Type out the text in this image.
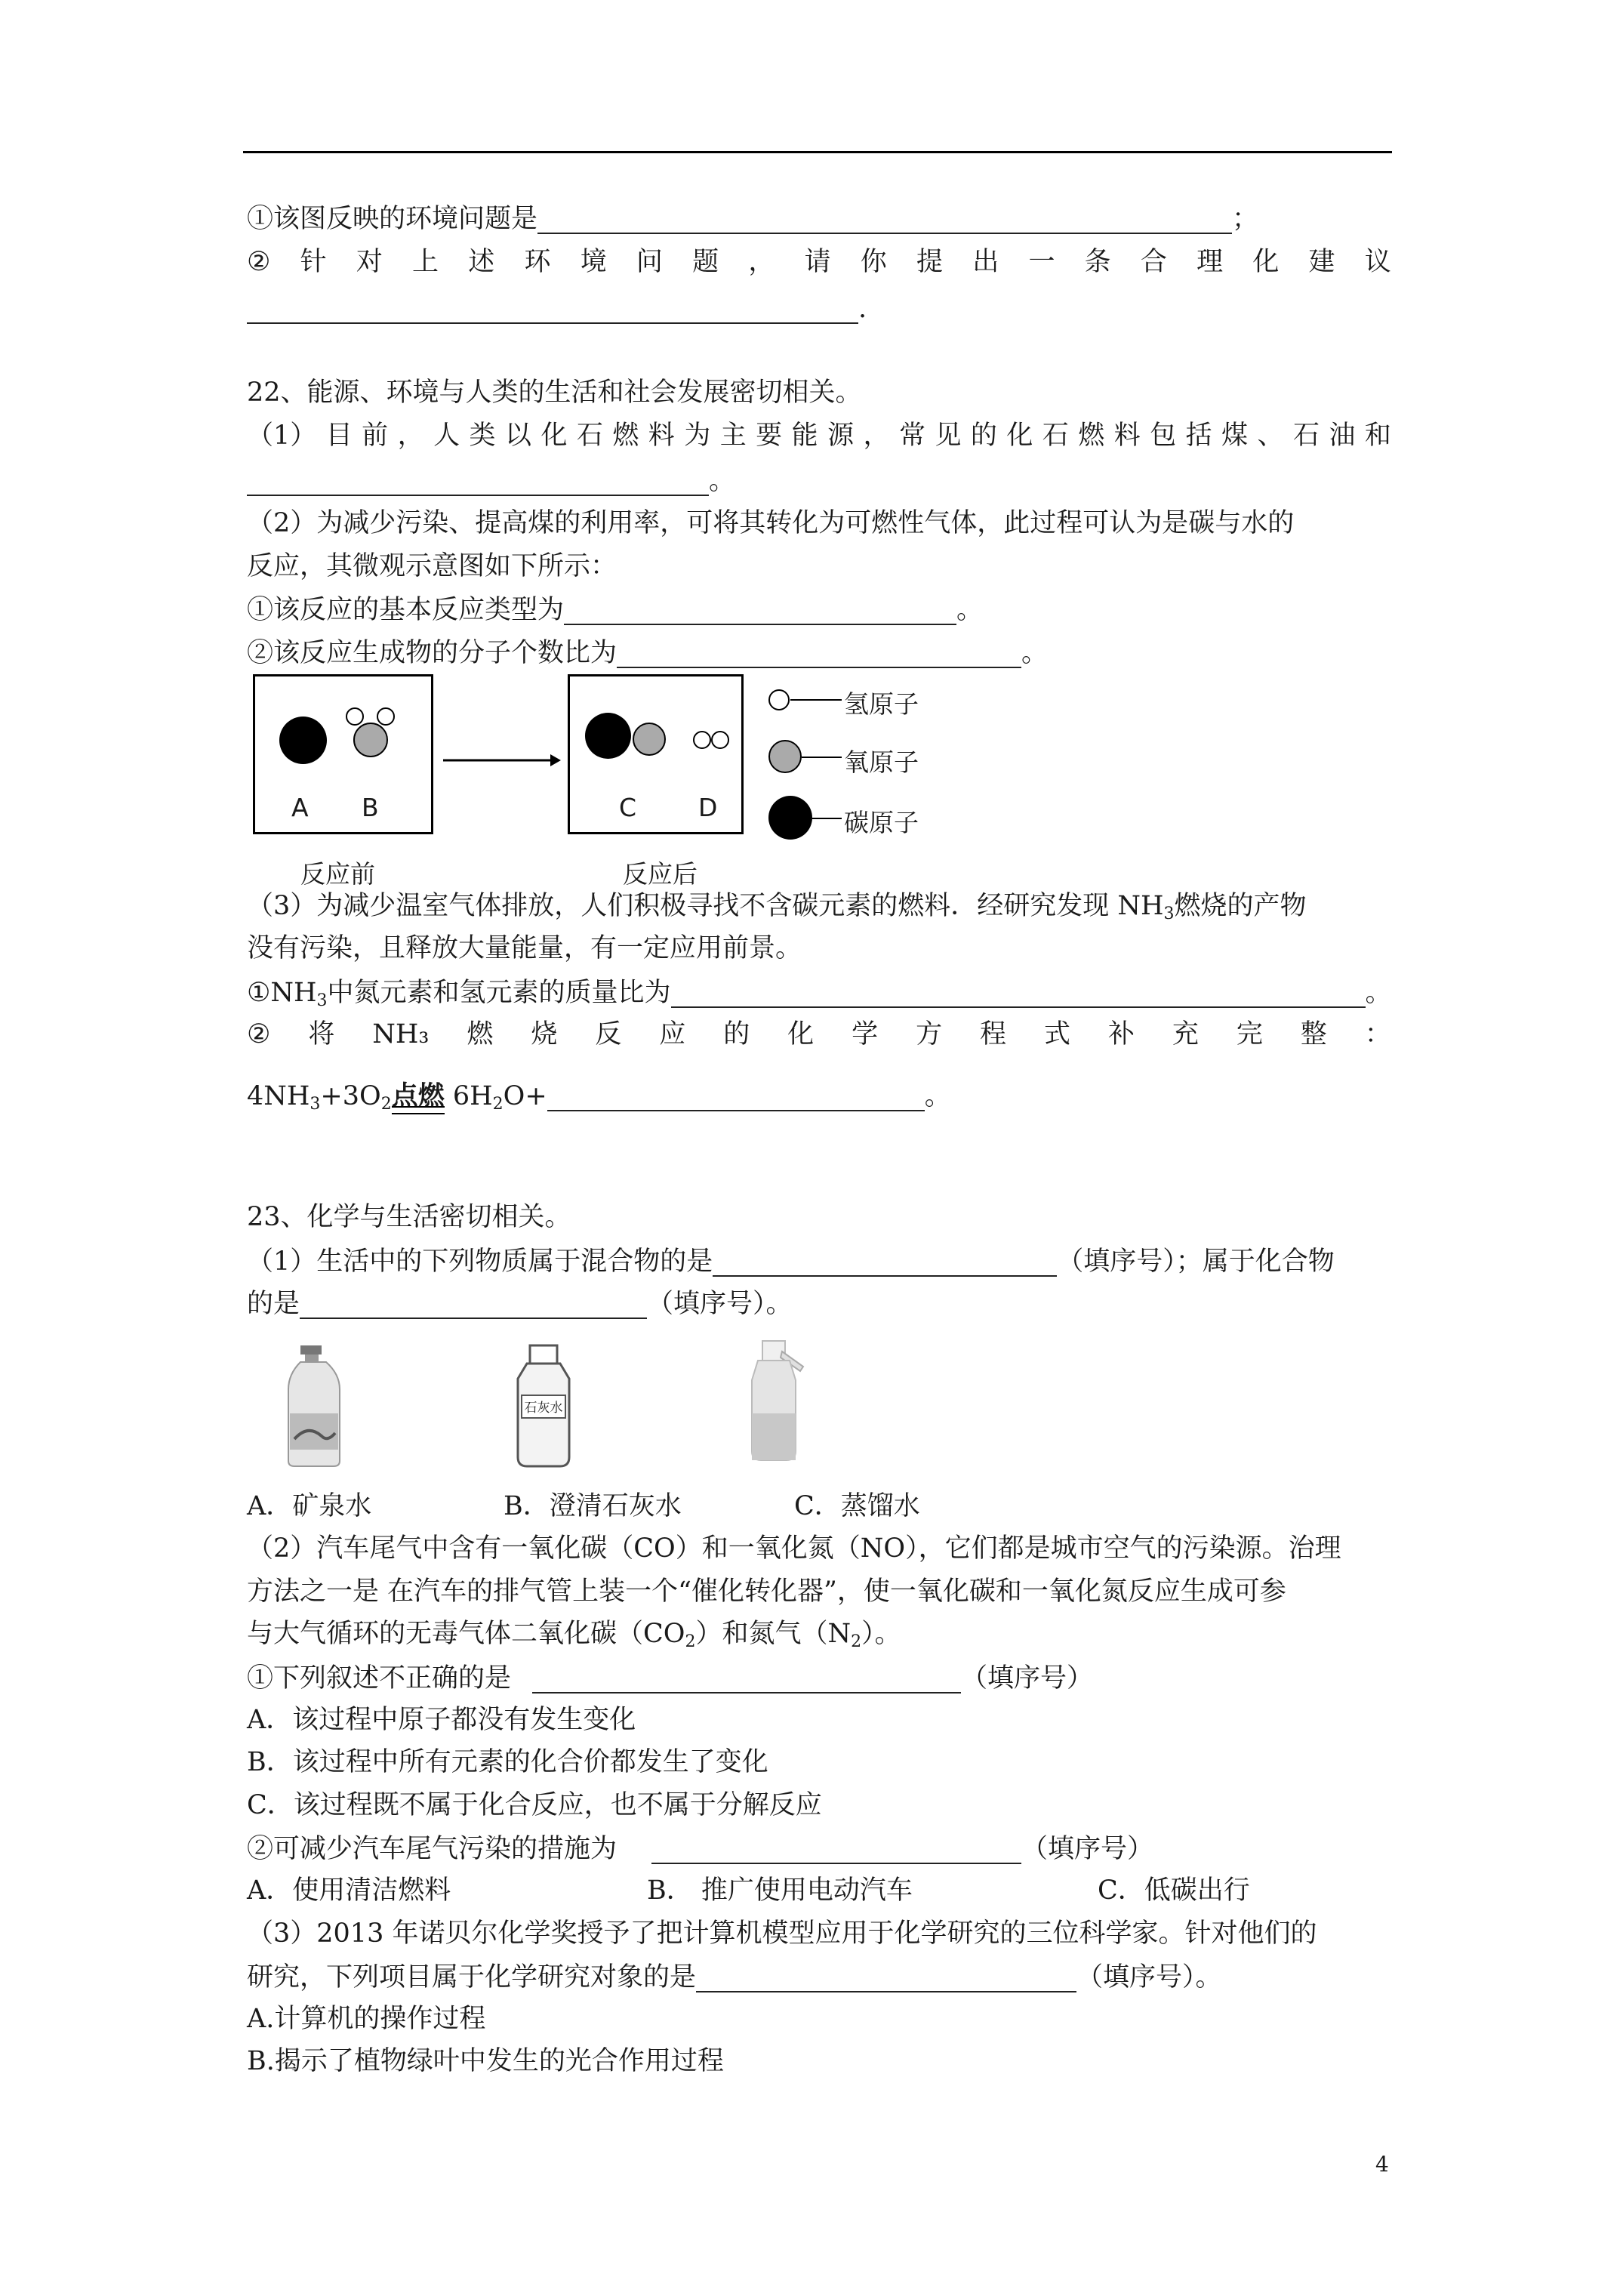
①该图反映的环境问题是	；
② 针 对 上 述 环 境 问 题 ， 请 你 提 出 一 条 合 理 化 建 议
.
22、能源、环境与人类的生活和社会发展密切相关。
（1） 目 前 ， 人 类 以 化 石 燃 料 为 主 要 能 源 ， 常 见 的 化 石 燃 料 包 括 煤 、 石 油 和
。
（2）为减少污染、提高煤的利用率，可将其转化为可燃性气体，此过程可认为是碳与水的
反应，其微观示意图如下所示：
①该反应的基本反应类型为	。
②该反应生成物的分子个数比为	。
A B	C D
反应前	反应后
氢原子
氧原子
碳原子
（3）为减少温室气体排放，人们积极寻找不含碳元素的燃料．经研究发现 $NH_3$燃烧的产物
没有污染，且释放大量能量，有一定应用前景。
$①NH_3$中氮元素和氢元素的质量比为	。
② 将 NH₃ 燃 烧 反 应 的 化 学 方 程 式 补 充 完 整 ：
$4NH_3+3O_2$点燃 $6H_2O+$	。
23、化学与生活密切相关。
（1）生活中的下列物质属于混合物的是	（填序号）；属于化合物
的是	（填序号）。
石灰水
A．矿泉水	B．澄清石灰水	C．蒸馏水
（2）汽车尾气中含有一氧化碳（CO）和一氧化氮（NO），它们都是城市空气的污染源。治理
方法之一是 在汽车的排气管上装一个“催化转化器”，使一氧化碳和一氧化氮反应生成可参
与大气循环的无毒气体二氧化碳$(CO_2)$和氮气$(N_2)$。
①下列叙述不正确的是	（填序号）
A．该过程中原子都没有发生变化
B．该过程中所有元素的化合价都发生了变化
C．该过程既不属于化合反应，也不属于分解反应
②可减少汽车尾气污染的措施为	（填序号）
A．使用清洁燃料	B． 推广使用电动汽车	C．低碳出行
（3）2013 年诺贝尔化学奖授予了把计算机模型应用于化学研究的三位科学家。针对他们的
研究，下列项目属于化学研究对象的是	（填序号）。
A.计算机的操作过程
B.揭示了植物绿叶中发生的光合作用过程
4
